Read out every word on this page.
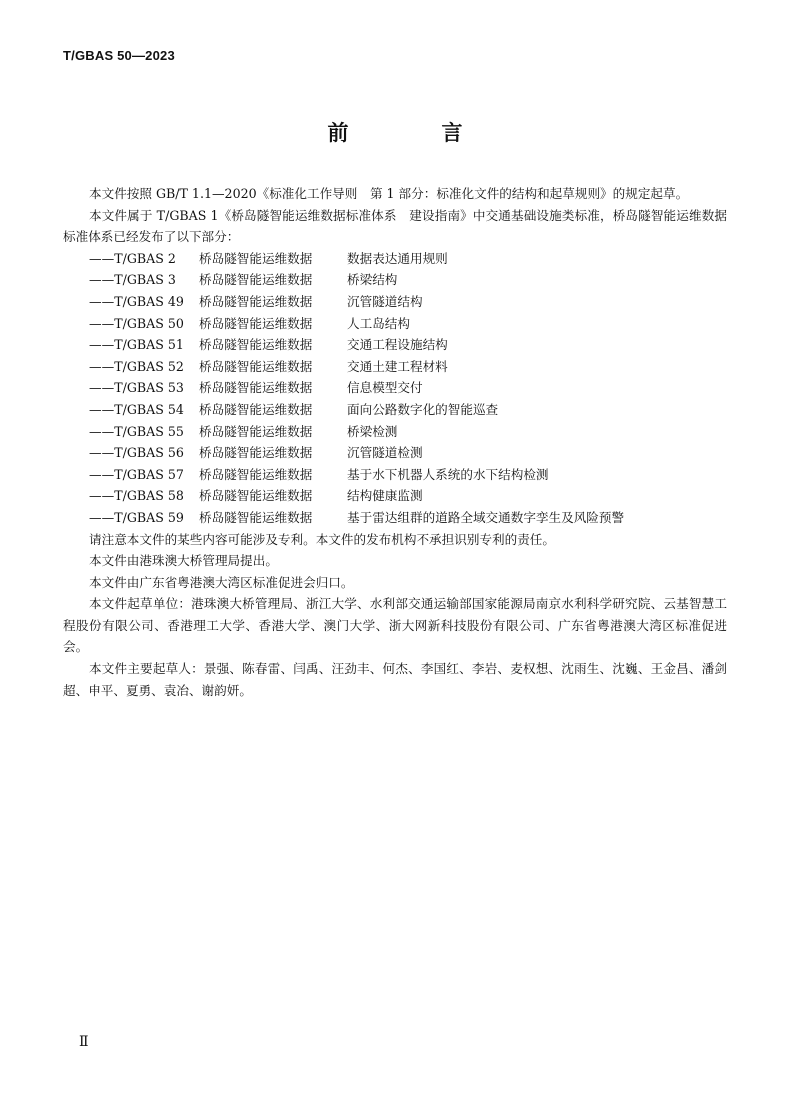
T/GBAS 50—2023
前　言

本文件按照 GB/T 1.1—2020《标准化工作导则　第 1 部分：标准化文件的结构和起草规则》的规定起草。

本文件属于 T/GBAS 1《桥岛隧智能运维数据标准体系　建设指南》中交通基础设施类标准，桥岛隧智能运维数据标准体系已经发布了以下部分：

——T/GBAS 2 桥岛隧智能运维数据	数据表达通用规则

——T/GBAS 3 桥岛隧智能运维数据	桥梁结构

——T/GBAS 49 桥岛隧智能运维数据	沉管隧道结构

——T/GBAS 50 桥岛隧智能运维数据	人工岛结构

——T/GBAS 51 桥岛隧智能运维数据	交通工程设施结构

——T/GBAS 52 桥岛隧智能运维数据	交通土建工程材料

——T/GBAS 53 桥岛隧智能运维数据	信息模型交付

——T/GBAS 54 桥岛隧智能运维数据	面向公路数字化的智能巡查

——T/GBAS 55 桥岛隧智能运维数据	桥梁检测

——T/GBAS 56 桥岛隧智能运维数据	沉管隧道检测

——T/GBAS 57 桥岛隧智能运维数据	基于水下机器人系统的水下结构检测

——T/GBAS 58 桥岛隧智能运维数据	结构健康监测

——T/GBAS 59 桥岛隧智能运维数据	基于雷达组群的道路全域交通数字孪生及风险预警

请注意本文件的某些内容可能涉及专利。本文件的发布机构不承担识别专利的责任。

本文件由港珠澳大桥管理局提出。

本文件由广东省粤港澳大湾区标准促进会归口。

本文件起草单位：港珠澳大桥管理局、浙江大学、水利部交通运输部国家能源局南京水利科学研究院、云基智慧工程股份有限公司、香港理工大学、香港大学、澳门大学、浙大网新科技股份有限公司、广东省粤港澳大湾区标准促进会。

本文件主要起草人：景强、陈春雷、闫禹、汪劲丰、何杰、李国红、李岩、麦权想、沈雨生、沈巍、王金昌、潘剑超、申平、夏勇、袁冶、谢韵妍。

Ⅱ
